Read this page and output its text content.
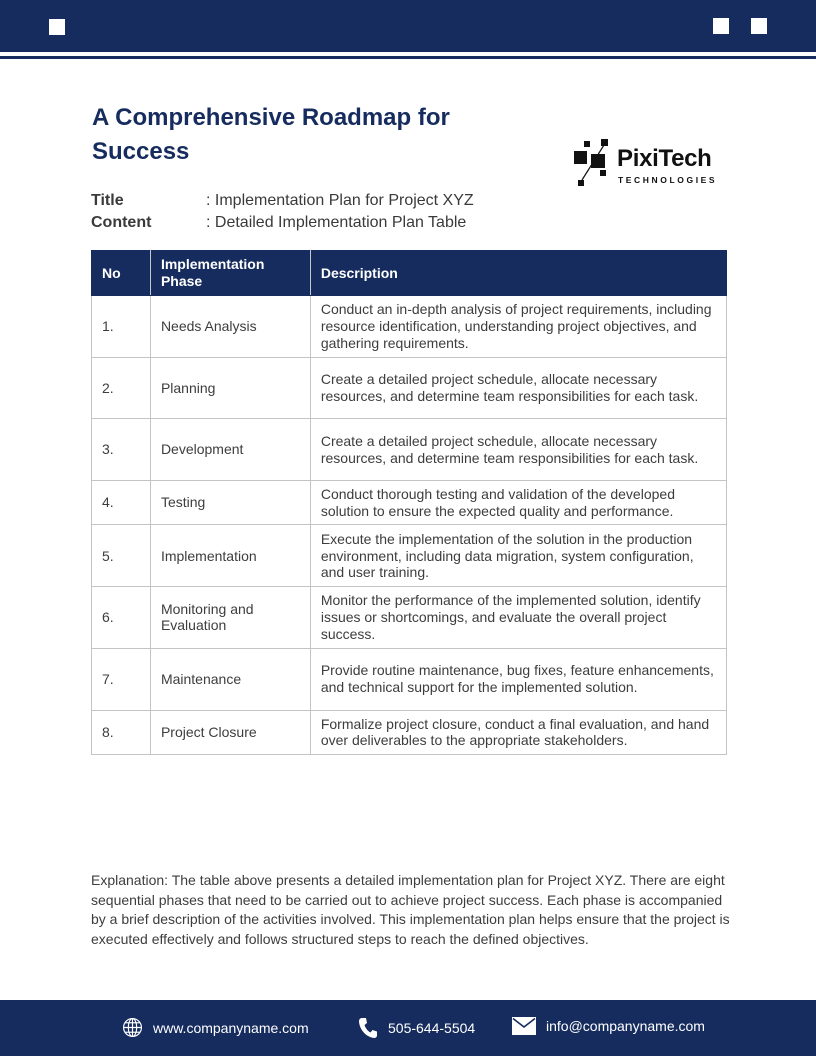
A Comprehensive Roadmap for Success	PixiTech
TECHNOLOGIES
Title	: Implementation Plan for Project XYZ
Content	: Detailed Implementation Plan Table
No	Implementation Phase	Description
1.	Needs Analysis	Conduct an in-depth analysis of project requirements, including resource identification, understanding project objectives, and gathering requirements.
2.	Planning	Create a detailed project schedule, allocate necessary resources, and determine team responsibilities for each task.
3.	Development	Create a detailed project schedule, allocate necessary resources, and determine team responsibilities for each task.
4.	Testing	Conduct thorough testing and validation of the developed solution to ensure the expected quality and performance.
5.	Implementation	Execute the implementation of the solution in the production environment, including data migration, system configuration, and user training.
6.	Monitoring and Evaluation	Monitor the performance of the implemented solution, identify issues or shortcomings, and evaluate the overall project success.
7.	Maintenance	Provide routine maintenance, bug fixes, feature enhancements, and technical support for the implemented solution.
8.	Project Closure	Formalize project closure, conduct a final evaluation, and hand over deliverables to the appropriate stakeholders.

Explanation: The table above presents a detailed implementation plan for Project XYZ. There are eight sequential phases that need to be carried out to achieve project success. Each phase is accompanied by a brief description of the activities involved. This implementation plan helps ensure that the project is executed effectively and follows structured steps to reach the defined objectives.

www.companyname.com	505-644-5504	info@companyname.com
